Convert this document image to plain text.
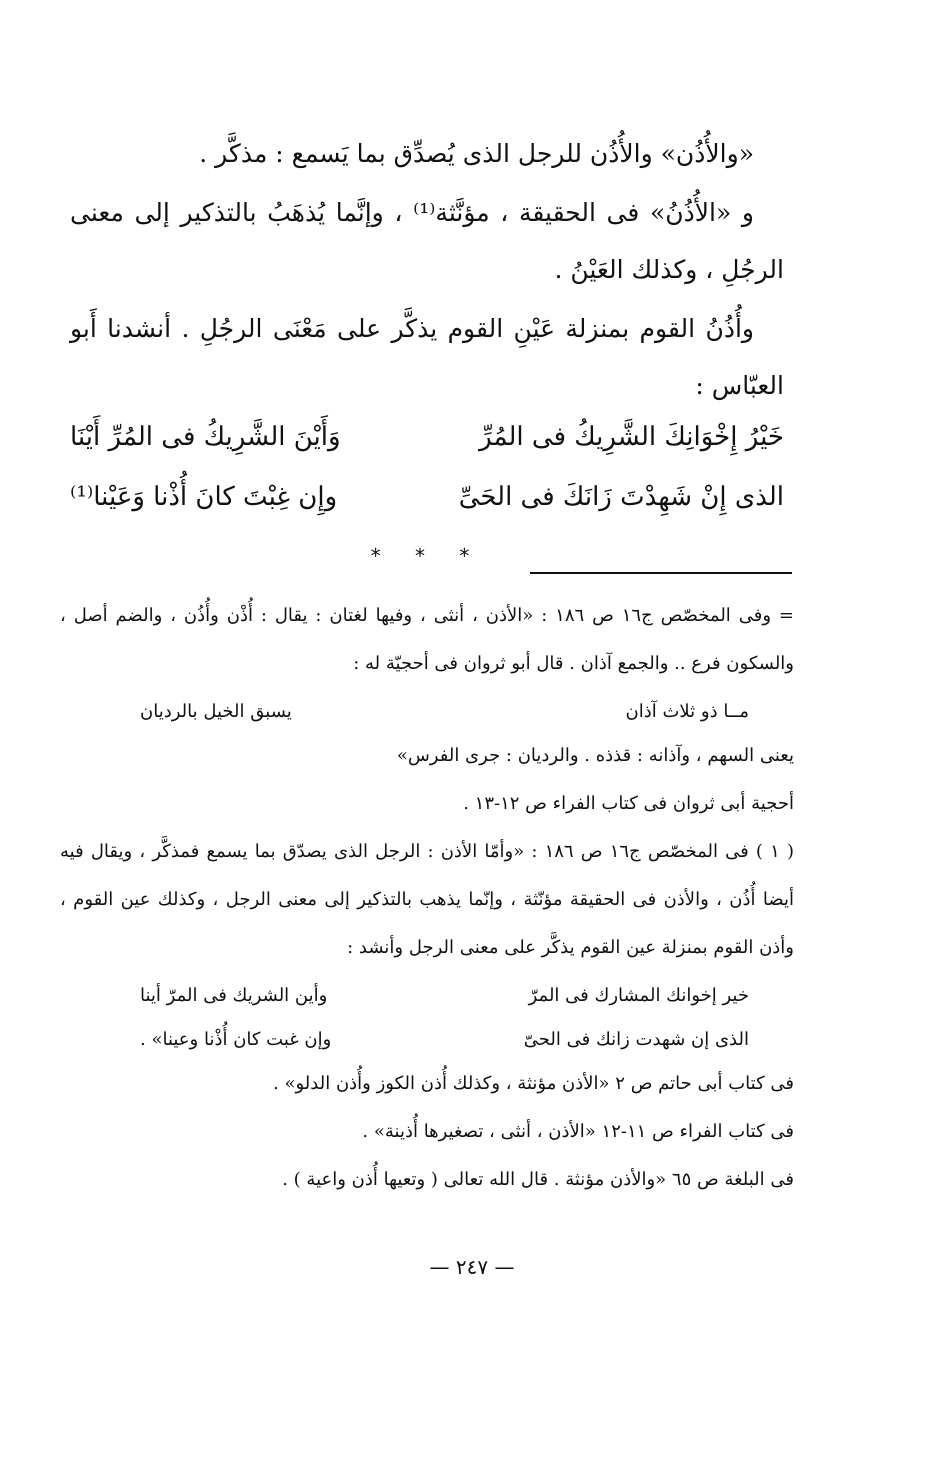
«والأُذُن» والأُذُن للرجل الذى يُصدِّق بما يَسمع : مذكَّر .

و «الأُذُنُ» فى الحقيقة ، مؤنَّثة⁽¹⁾ ، وإنَّما يُذهَبُ بالتذكير إلى معنى الرجُلِ ، وكذلك العَيْنُ .

وأُذُنُ القوم بمنزلة عَيْنِ القوم يذكَّر على مَعْنَى الرجُلِ . أنشدنا أَبو العبّاس :

خَيْرُ إِخْوَانِكَ الشَّرِيكُ فى المُرِّ
وَأَيْنَ الشَّرِيكُ فى المُرِّ أَيْنَا
الذى إِنْ شَهِدْتَ زَانَكَ فى الحَىِّ
وإِن غِبْتَ كانَ أُذْنا وَعَيْنا⁽¹⁾
* * *

= وفى المخصّص ج١٦ ص ١٨٦ : «الأذن ، أنثى ، وفيها لغتان : يقال : أُذْن وأُذُن ، والضم أصل ، والسكون فرع .. والجمع آذان . قال أبو ثروان فى أحجيّة له :

مــا ذو ثلاث آذان
يسبق الخيل بالرديان

يعنى السهم ، وآذانه : قذذه . والرديان : جرى الفرس»

أحجية أبى ثروان فى كتاب الفراء ص ١٢-١٣ .

( ١ ) فى المخصّص ج١٦ ص ١٨٦ : «وأمّا الأذن : الرجل الذى يصدّق بما يسمع فمذكَّر ، ويقال فيه أيضا أُذُن ، والأذن فى الحقيقة مؤنّثة ، وإنّما يذهب بالتذكير إلى معنى الرجل ، وكذلك عين القوم ، وأذن القوم بمنزلة عين القوم يذكَّر على معنى الرجل وأنشد :

خير إخوانك المشارك فى المرّ
وأين الشريك فى المرّ أينا
الذى إن شهدت زانك فى الحىّ
وإن غبت كان أُذْنا وعينا» .

فى كتاب أبى حاتم ص ٢ «الأذن مؤنثة ، وكذلك أُذن الكوز وأُذن الدلو» .

فى كتاب الفراء ص ١١-١٢ «الأذن ، أنثى ، تصغيرها أُذينة» .

فى البلغة ص ٦٥ «والأذن مؤنثة . قال الله تعالى ( وتعيها أُذن واعية ) .

— ٢٤٧ —
